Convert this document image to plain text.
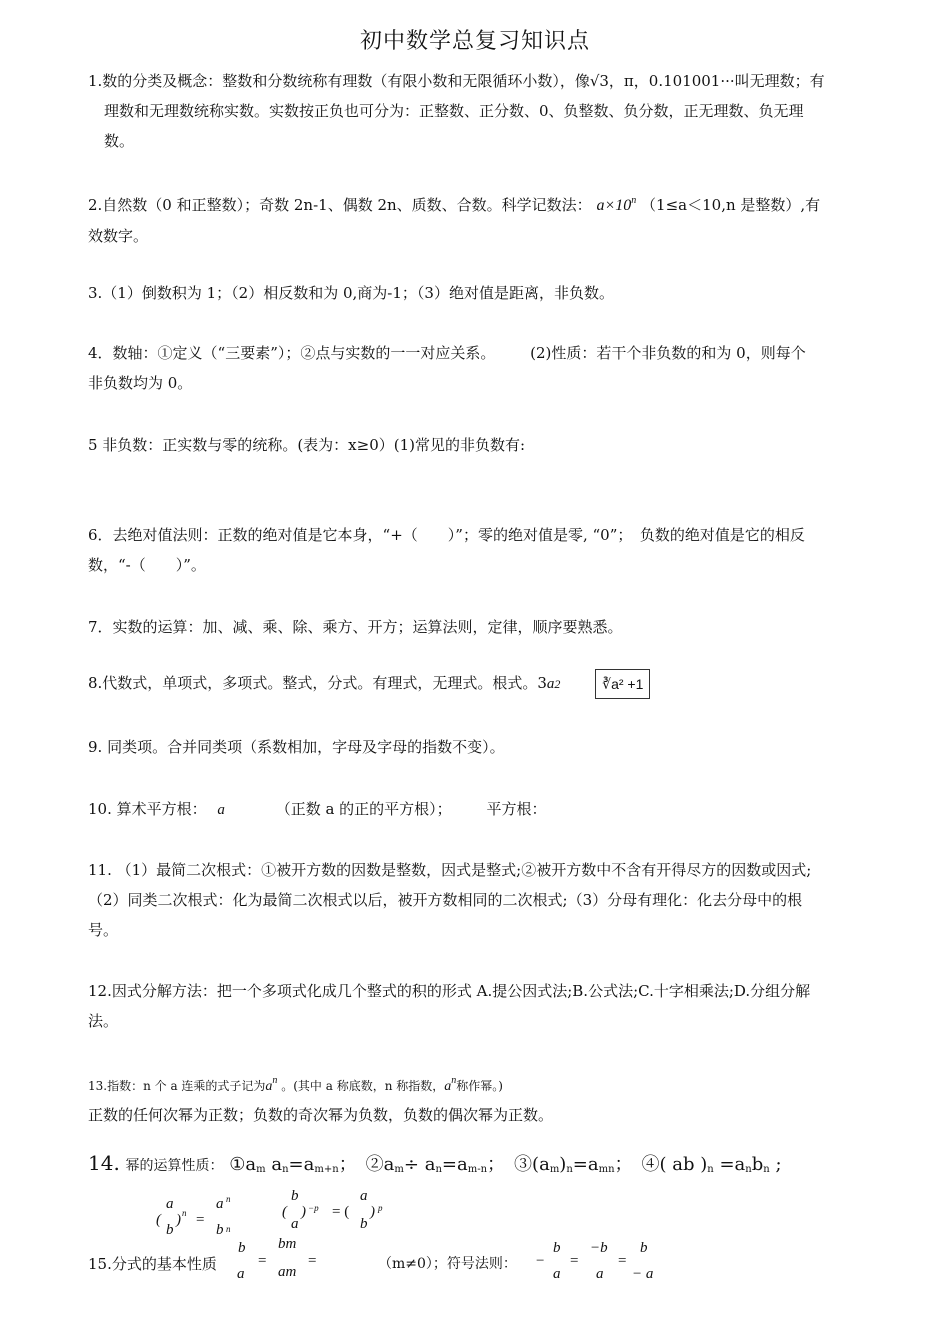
初中数学总复习知识点
1.数的分类及概念：整数和分数统称有理数（有限小数和无限循环小数），像√3，π，0.101001···叫无理数；有
理数和无理数统称实数。实数按正负也可分为：正整数、正分数、0、负整数、负分数，正无理数、负无理
数。
2.自然数（0 和正整数）；奇数 2n-1、偶数 2n、质数、合数。科学记数法： $a\times 10^n$ （1≤a＜10,n 是整数）,有
效数字。
3.（1）倒数积为 1；（2）相反数和为 0,商为-1；（3）绝对值是距离，非负数。
4．数轴：①定义（“三要素”）；②点与实数的一一对应关系。 　　(2)性质：若干个非负数的和为 0，则每个
非负数均为 0。
5 非负数：正实数与零的统称。(表为：x≥0）(1)常见的非负数有:
6．去绝对值法则：正数的绝对值是它本身，“+（　　）”；零的绝对值是零, “0”；　负数的绝对值是它的相反
数，“-（　　）”。
7．实数的运算：加、减、乘、除、乘方、开方；运算法则，定律，顺序要熟悉。
8.代数式，单项式，多项式。整式，分式。有理式，无理式。根式。3a2	∛a² +1
9. 同类项。合并同类项（系数相加，字母及字母的指数不变）。
10. 算术平方根： a	（正数 a 的正的平方根）； 平方根：
11. （1）最简二次根式：①被开方数的因数是整数，因式是整式;②被开方数中不含有开得尽方的因数或因式;
（2）同类二次根式：化为最简二次根式以后，被开方数相同的二次根式;（3）分母有理化：化去分母中的根
号。
12.因式分解方法：把一个多项式化成几个整式的积的形式 A.提公因式法;B.公式法;C.十字相乘法;D.分组分解
法。
13.指数：n 个 a 连乘的式子记为$a^n$ 。(其中 a 称底数，n 称指数，$a^n$称作幂。)
正数的任何次幂为正数；负数的奇次幂为负数，负数的偶次幂为正数。
14. 幂的运算性质： $①a_m$ $a_n=a_{m+n}$；　$②a_m\div a_n=a_{m-n}$；　$③(a_m)_n=a_{mn}$；　④( ab )$_n =a_nb_n$ ;
(
a
b
) n =
a n
b n
(
b
a
) −p = (
a
b
) p
15.分式的基本性质
b
a
=
bm
am
=	（m≠0）；符号法则： −
b
a
=
−b
a
=
b
− a
